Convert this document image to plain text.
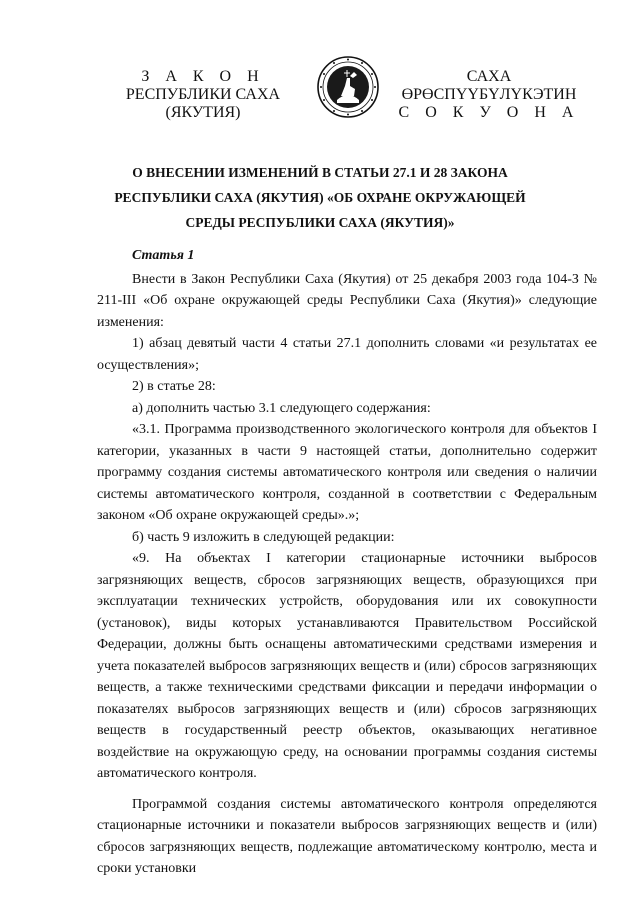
З А К О Н
РЕСПУБЛИКИ САХА (ЯКУТИЯ)
САХА ӨРӨСПҮҮБҮЛҮКЭТИН
С О К У О Н А
О ВНЕСЕНИИ ИЗМЕНЕНИЙ В СТАТЬИ 27.1 И 28 ЗАКОНА
РЕСПУБЛИКИ САХА (ЯКУТИЯ) «ОБ ОХРАНЕ ОКРУЖАЮЩЕЙ
СРЕДЫ РЕСПУБЛИКИ САХА (ЯКУТИЯ)»

Статья 1

Внести в Закон Республики Саха (Якутия) от 25 декабря 2003 года 104-З № 211-III «Об охране окружающей среды Республики Саха (Якутия)» следующие изменения:

1) абзац девятый части 4 статьи 27.1 дополнить словами «и результатах ее осуществления»;

2) в статье 28:

а) дополнить частью 3.1 следующего содержания:

«3.1. Программа производственного экологического контроля для объектов I категории, указанных в части 9 настоящей статьи, дополнительно содержит программу создания системы автоматического контроля или сведения о наличии системы автоматического контроля, созданной в соответствии с Федеральным законом «Об охране окружающей среды».»;

б) часть 9 изложить в следующей редакции:

«9. На объектах I категории стационарные источники выбросов загрязняющих веществ, сбросов загрязняющих веществ, образующихся при эксплуатации технических устройств, оборудования или их совокупности (установок), виды которых устанавливаются Правительством Российской Федерации, должны быть оснащены автоматическими средствами измерения и учета показателей выбросов загрязняющих веществ и (или) сбросов загрязняющих веществ, а также техническими средствами фиксации и передачи информации о показателях выбросов загрязняющих веществ и (или) сбросов загрязняющих веществ в государственный реестр объектов, оказывающих негативное воздействие на окружающую среду, на основании программы создания системы автоматического контроля.

Программой создания системы автоматического контроля определяются стационарные источники и показатели выбросов загрязняющих веществ и (или) сбросов загрязняющих веществ, подлежащие автоматическому контролю, места и сроки установки
